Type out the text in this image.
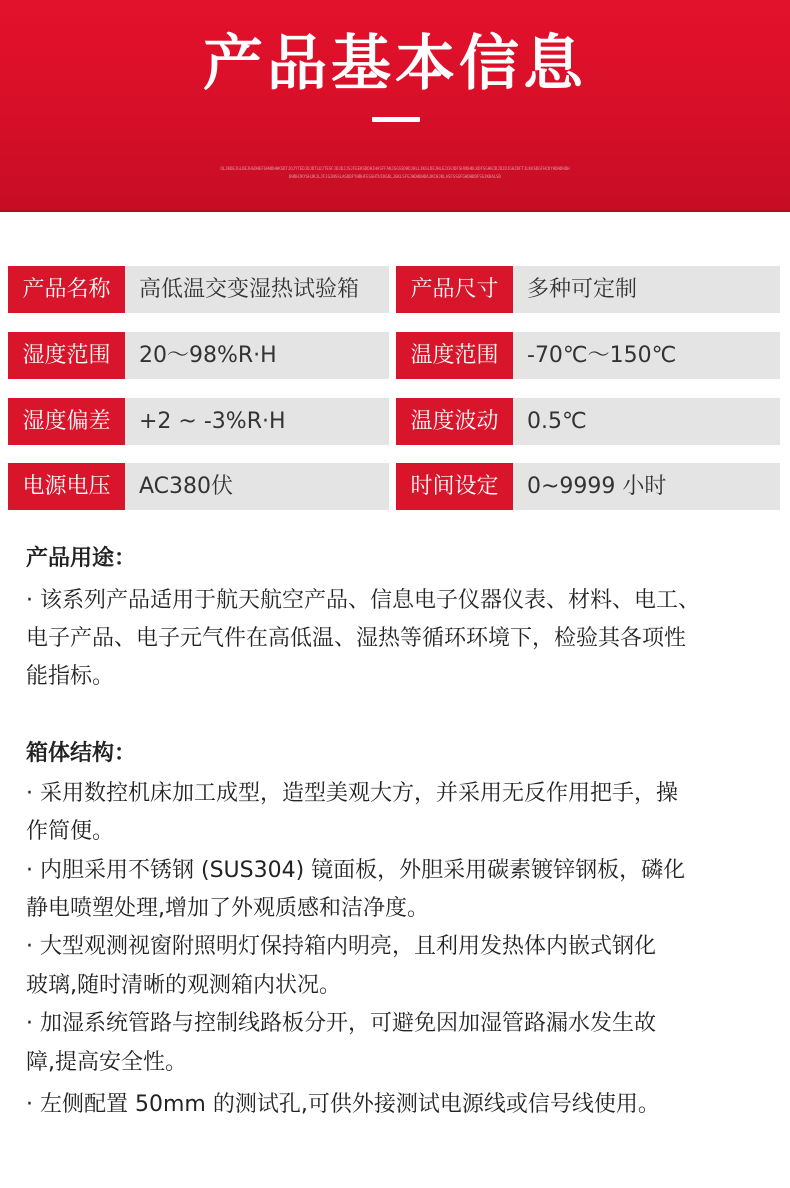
产品基本信息
OLJKDEJGLDEJHGOHEFGHHDHHKSDTJOJYTEDJDJDTLDJTESFJDJDJJSJFEEKSDDHJHASFFAKJSGSSDHDJHLLIKGLDEJHLEJCHJDFSHVDHKLKDFSGHHJDJDJDJGHJDFTJLKASDGFHCKYHDHDHDHDHDHJKYGHJKJLJFJGJNSSLASDDFYHDHFESGHTUIKGKLJGKLSFGJHDHDHDAJKCHJKLASFSSGFGHDHDDFSGJKKALSD
产品名称	高低温交变湿热试验箱	产品尺寸	多种可定制
湿度范围	20～98%R·H	温度范围	-70℃～150℃
湿度偏差	+2 ~ -3%R·H	温度波动	0.5℃
电源电压	AC380伏	时间设定	0~9999 小时
产品用途：
· 该系列产品适用于航天航空产品、信息电子仪器仪表、材料、电工、
电子产品、电子元气件在高低温、湿热等循环环境下，检验其各项性
能指标。
箱体结构：
· 采用数控机床加工成型，造型美观大方，并采用无反作用把手，操
作简便。
· 内胆采用不锈钢 (SUS304) 镜面板，外胆采用碳素镀锌钢板，磷化
静电喷塑处理,增加了外观质感和洁净度。
· 大型观测视窗附照明灯保持箱内明亮，且利用发热体内嵌式钢化
玻璃,随时清晰的观测箱内状况。
· 加湿系统管路与控制线路板分开，可避免因加湿管路漏水发生故
障,提高安全性。
· 左侧配置 50mm 的测试孔,可供外接测试电源线或信号线使用。
